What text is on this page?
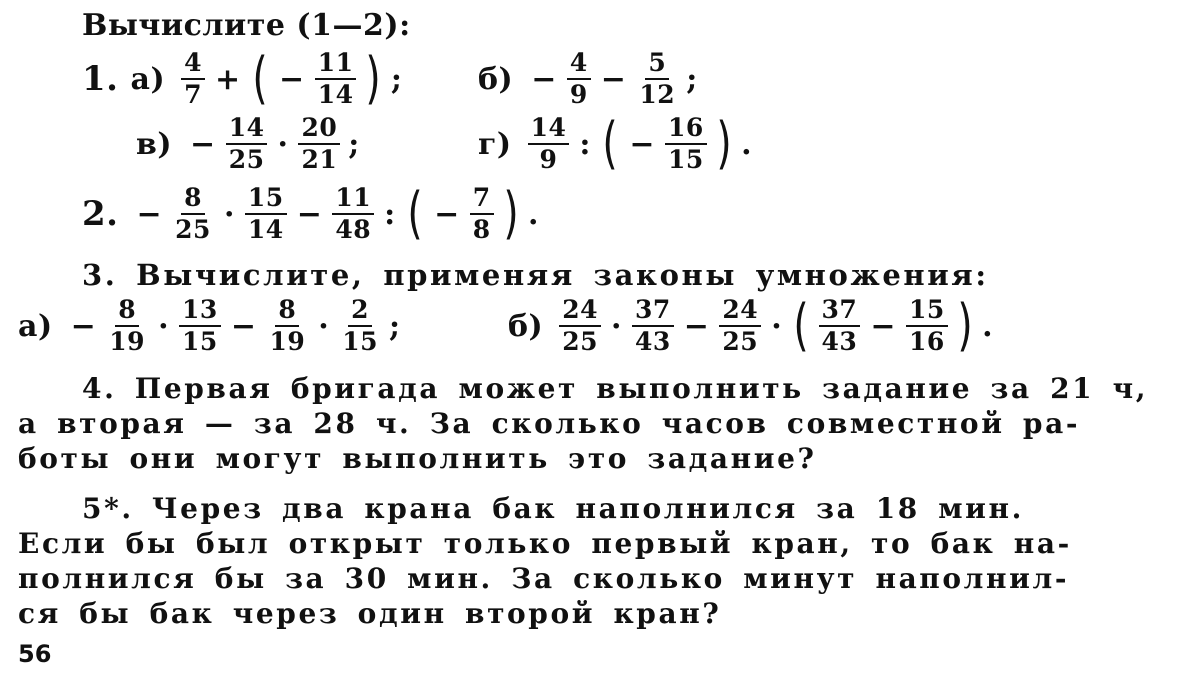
Вычислите (1—2):
1. $а) \frac{4}{7}$ + ( − $\frac{11}{14}$ ) ;	$б) - \frac{4}{9} - \frac{5}{12}$ ;
$в) - \frac{14}{25} \cdot \frac{20}{21}$ ;	$г) \frac{14}{9}$ : ( − $\frac{16}{15}$ ) .
2. − $\frac{8}{25} \cdot \frac{15}{14} - \frac{11}{48}$ : ( − $\frac{7}{8}$ ) .
3. Вычислите, применяя законы умножения:
$а) - \frac{8}{19} \cdot \frac{13}{15} - \frac{8}{19} \cdot \frac{2}{15}$ ;	$б) \frac{24}{25} \cdot \frac{37}{43} - \frac{24}{25}$ · ( $\frac{37}{43} - \frac{15}{16}$ ) .
4. Первая бригада может выполнить задание за 21 ч,
а вторая — за 28 ч. За сколько часов совместной ра-
боты они могут выполнить это задание?
5*. Через два крана бак наполнился за 18 мин.
Если бы был открыт только первый кран, то бак на-
полнился бы за 30 мин. За сколько минут наполнил-
ся бы бак через один второй кран?
56
